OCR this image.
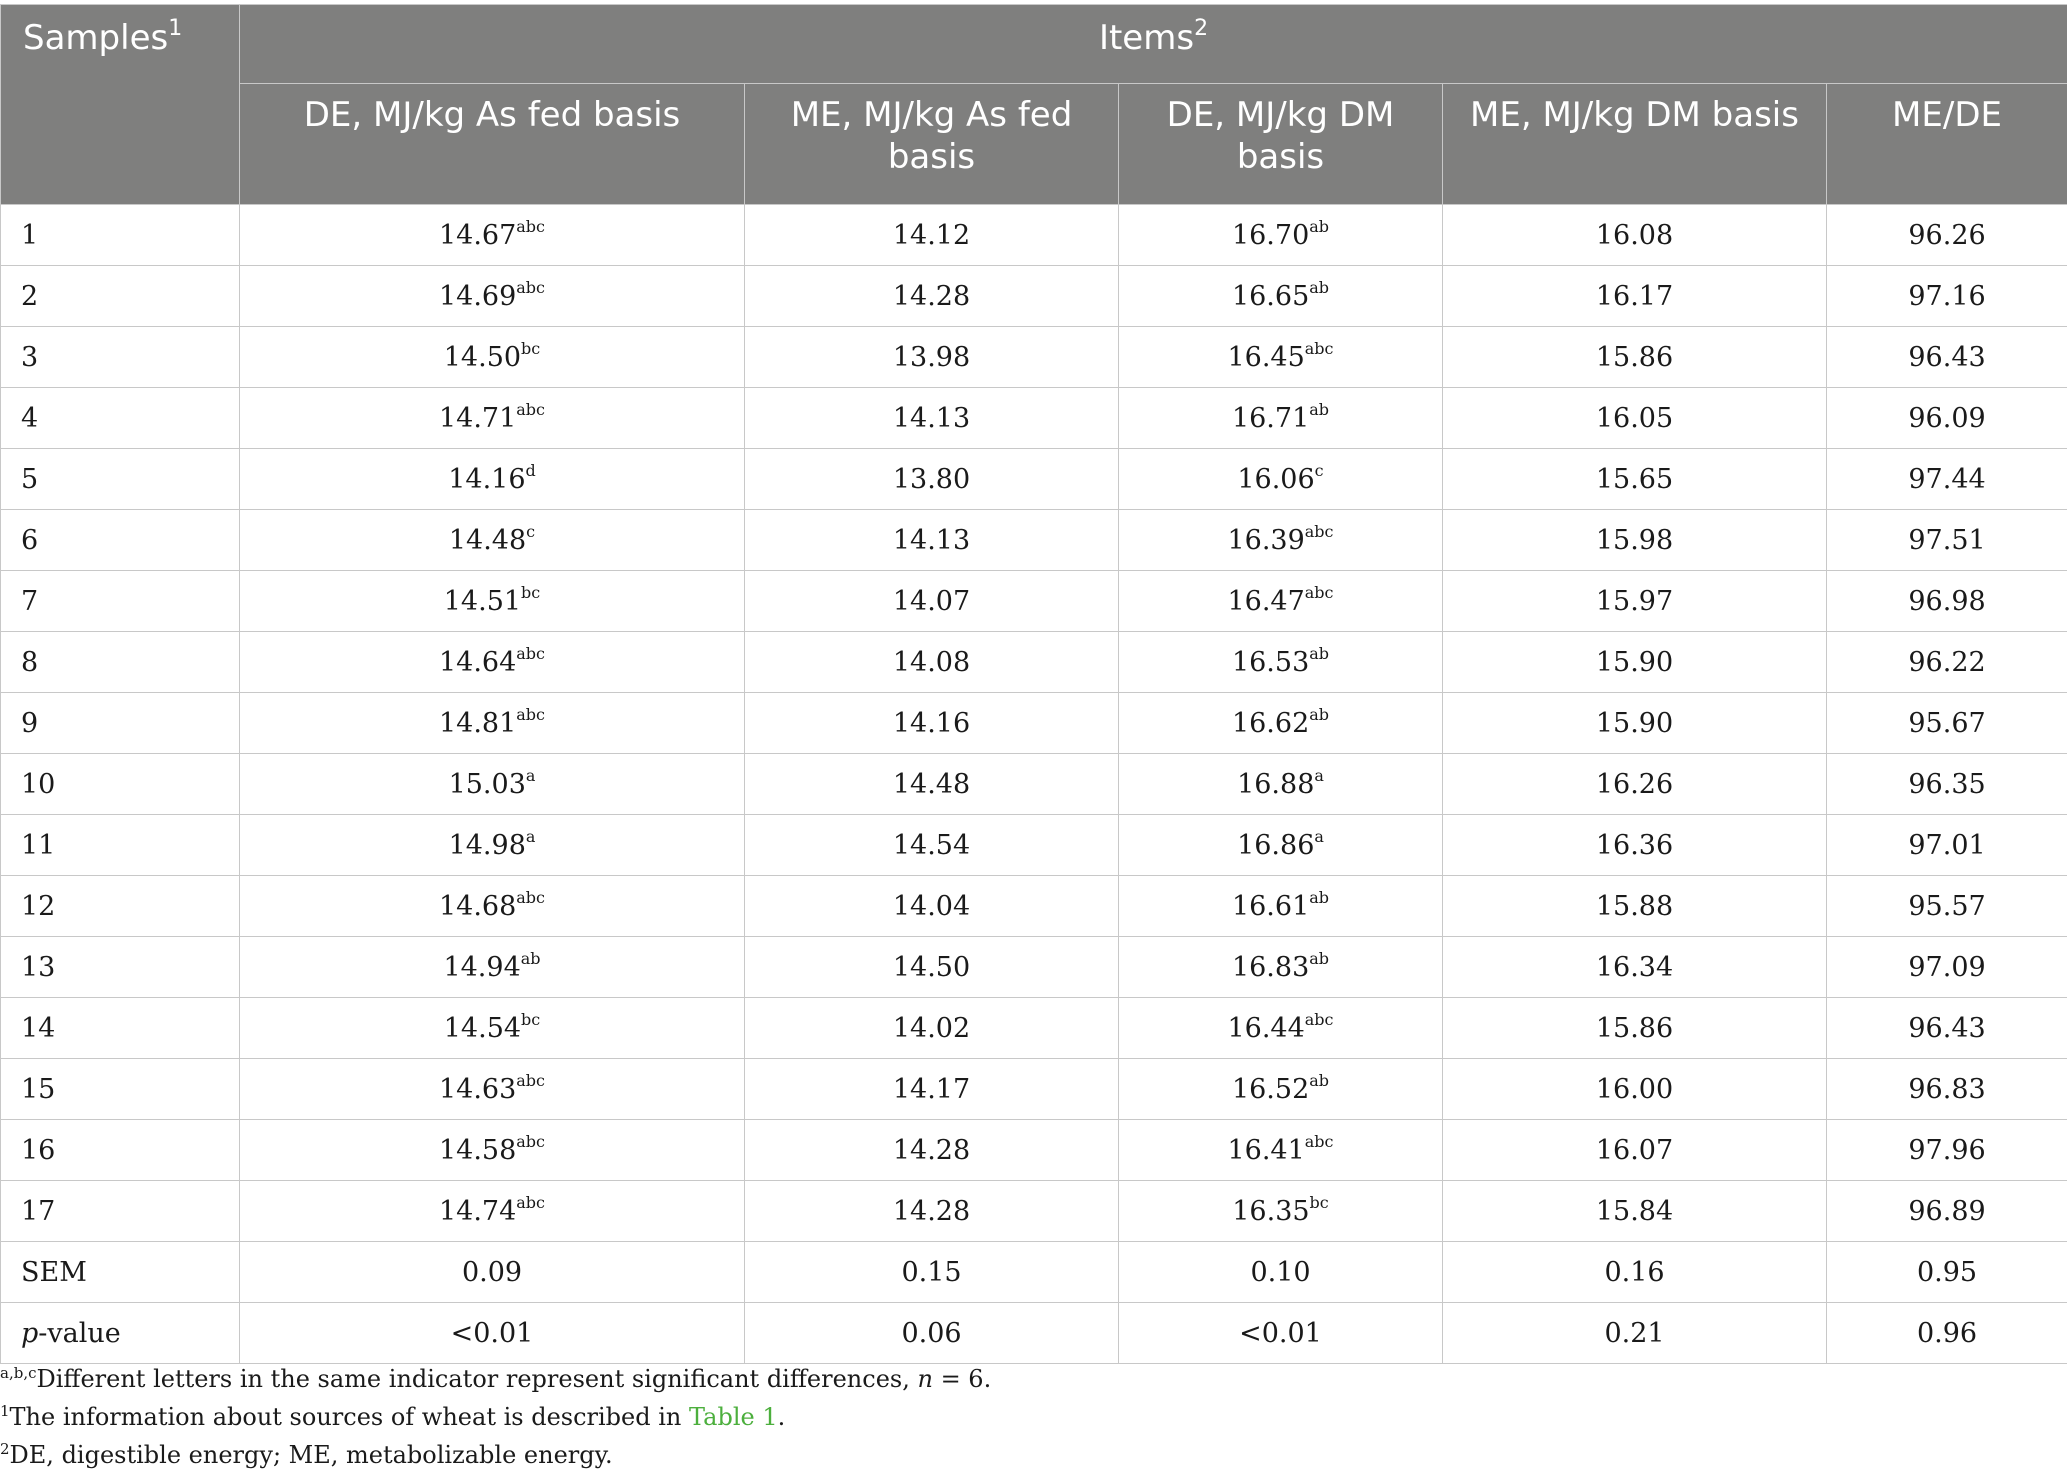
Samples$^1$	Items$^2$
	DE, MJ/kg As fed basis	ME, MJ/kg As fed basis	DE, MJ/kg DM basis	ME, MJ/kg DM basis	ME/DE
1	14.67$^{abc}$	14.12	16.70$^{ab}$	16.08	96.26
2	14.69$^{abc}$	14.28	16.65$^{ab}$	16.17	97.16
3	14.50$^{bc}$	13.98	16.45$^{abc}$	15.86	96.43
4	14.71$^{abc}$	14.13	16.71$^{ab}$	16.05	96.09
5	14.16$^d$	13.80	16.06$^c$	15.65	97.44
6	14.48$^c$	14.13	16.39$^{abc}$	15.98	97.51
7	14.51$^{bc}$	14.07	16.47$^{abc}$	15.97	96.98
8	14.64$^{abc}$	14.08	16.53$^{ab}$	15.90	96.22
9	14.81$^{abc}$	14.16	16.62$^{ab}$	15.90	95.67
10	15.03$^a$	14.48	16.88$^a$	16.26	96.35
11	14.98$^a$	14.54	16.86$^a$	16.36	97.01
12	14.68$^{abc}$	14.04	16.61$^{ab}$	15.88	95.57
13	14.94$^{ab}$	14.50	16.83$^{ab}$	16.34	97.09
14	14.54$^{bc}$	14.02	16.44$^{abc}$	15.86	96.43
15	14.63$^{abc}$	14.17	16.52$^{ab}$	16.00	96.83
16	14.58$^{abc}$	14.28	16.41$^{abc}$	16.07	97.96
17	14.74$^{abc}$	14.28	16.35$^{bc}$	15.84	96.89
SEM	0.09	0.15	0.10	0.16	0.95
p-value	<0.01	0.06	<0.01	0.21	0.96

$^{a,b,c}$Different letters in the same indicator represent significant differences, n = 6.

$^1$The information about sources of wheat is described in Table 1.

$^2$DE, digestible energy; ME, metabolizable energy.
